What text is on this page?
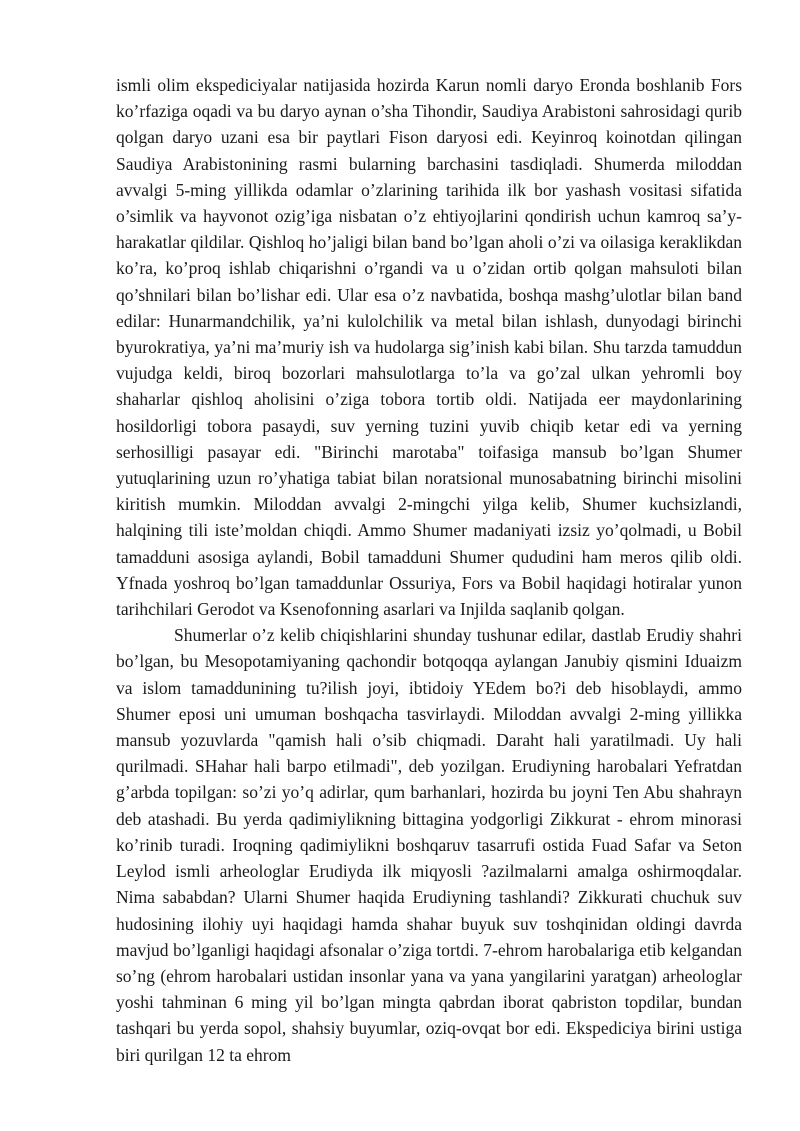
ismli olim ekspediciyalar natijasida hozirda Karun nomli daryo Eronda boshlanib Fors ko’rfaziga oqadi va bu daryo aynan o’sha Tihondir, Saudiya Arabistoni sahrosidagi qurib qolgan daryo uzani esa bir paytlari Fison daryosi edi. Keyinroq koinotdan qilingan Saudiya Arabistonining rasmi bularning barchasini tasdiqladi. Shumerda miloddan avvalgi 5-ming yillikda odamlar o’zlarining tarihida ilk bor yashash vositasi sifatida o’simlik va hayvonot ozig’iga nisbatan o’z ehtiyojlarini qondirish uchun kamroq sa’y-harakatlar qildilar. Qishloq ho’jaligi bilan band bo’lgan aholi o’zi va oilasiga keraklikdan ko’ra, ko’proq ishlab chiqarishni o’rgandi va u o’zidan ortib qolgan mahsuloti bilan qo’shnilari bilan bo’lishar edi. Ular esa o’z navbatida, boshqa mashg’ulotlar bilan band edilar: Hunarmandchilik, ya’ni kulolchilik va metal bilan ishlash, dunyodagi birinchi byurokratiya, ya’ni ma’muriy ish va hudolarga sig’inish kabi bilan. Shu tarzda tamuddun vujudga keldi, biroq bozorlari mahsulotlarga to’la va go’zal ulkan yehromli boy shaharlar qishloq aholisini o’ziga tobora tortib oldi. Natijada eer maydonlarining hosildorligi tobora pasaydi, suv yerning tuzini yuvib chiqib ketar edi va yerning serhosilligi pasayar edi. "Birinchi marotaba" toifasiga mansub bo’lgan Shumer yutuqlarining uzun ro’yhatiga tabiat bilan noratsional munosabatning birinchi misolini kiritish mumkin. Miloddan avvalgi 2-mingchi yilga kelib, Shumer kuchsizlandi, halqining tili iste’moldan chiqdi. Ammo Shumer madaniyati izsiz yo’qolmadi, u Bobil tamadduni asosiga aylandi, Bobil tamadduni Shumer qududini ham meros qilib oldi. Yfnada yoshroq bo’lgan tamaddunlar Ossuriya, Fors va Bobil haqidagi hotiralar yunon tarihchilari Gerodot va Ksenofonning asarlari va Injilda saqlanib qolgan.

Shumerlar o’z kelib chiqishlarini shunday tushunar edilar, dastlab Erudiy shahri bo’lgan, bu Mesopotamiyaning qachondir botqoqqa aylangan Janubiy qismini Iduaizm va islom tamaddunining tu?ilish joyi, ibtidoiy YEdem bo?i deb hisoblaydi, ammo Shumer eposi uni umuman boshqacha tasvirlaydi. Miloddan avvalgi 2-ming yillikka mansub yozuvlarda "qamish hali o’sib chiqmadi. Daraht hali yaratilmadi. Uy hali qurilmadi. SHahar hali barpo etilmadi", deb yozilgan. Erudiyning harobalari Yefratdan g’arbda topilgan: so’zi yo’q adirlar, qum barhanlari, hozirda bu joyni Ten Abu shahrayn deb atashadi. Bu yerda qadimiylikning bittagina yodgorligi Zikkurat - ehrom minorasi ko’rinib turadi. Iroqning qadimiylikni boshqaruv tasarrufi ostida Fuad Safar va Seton Leylod ismli arheologlar Erudiyda ilk miqyosli ?azilmalarni amalga oshirmoqdalar. Nima sababdan? Ularni Shumer haqida Erudiyning tashlandi? Zikkurati chuchuk suv hudosining ilohiy uyi haqidagi hamda shahar buyuk suv toshqinidan oldingi davrda mavjud bo’lganligi haqidagi afsonalar o’ziga tortdi. 7-ehrom harobalariga etib kelgandan so’ng (ehrom harobalari ustidan insonlar yana va yana yangilarini yaratgan) arheologlar yoshi tahminan 6 ming yil bo’lgan mingta qabrdan iborat qabriston topdilar, bundan tashqari bu yerda sopol, shahsiy buyumlar, oziq-ovqat bor edi. Ekspediciya birini ustiga biri qurilgan 12 ta ehrom
